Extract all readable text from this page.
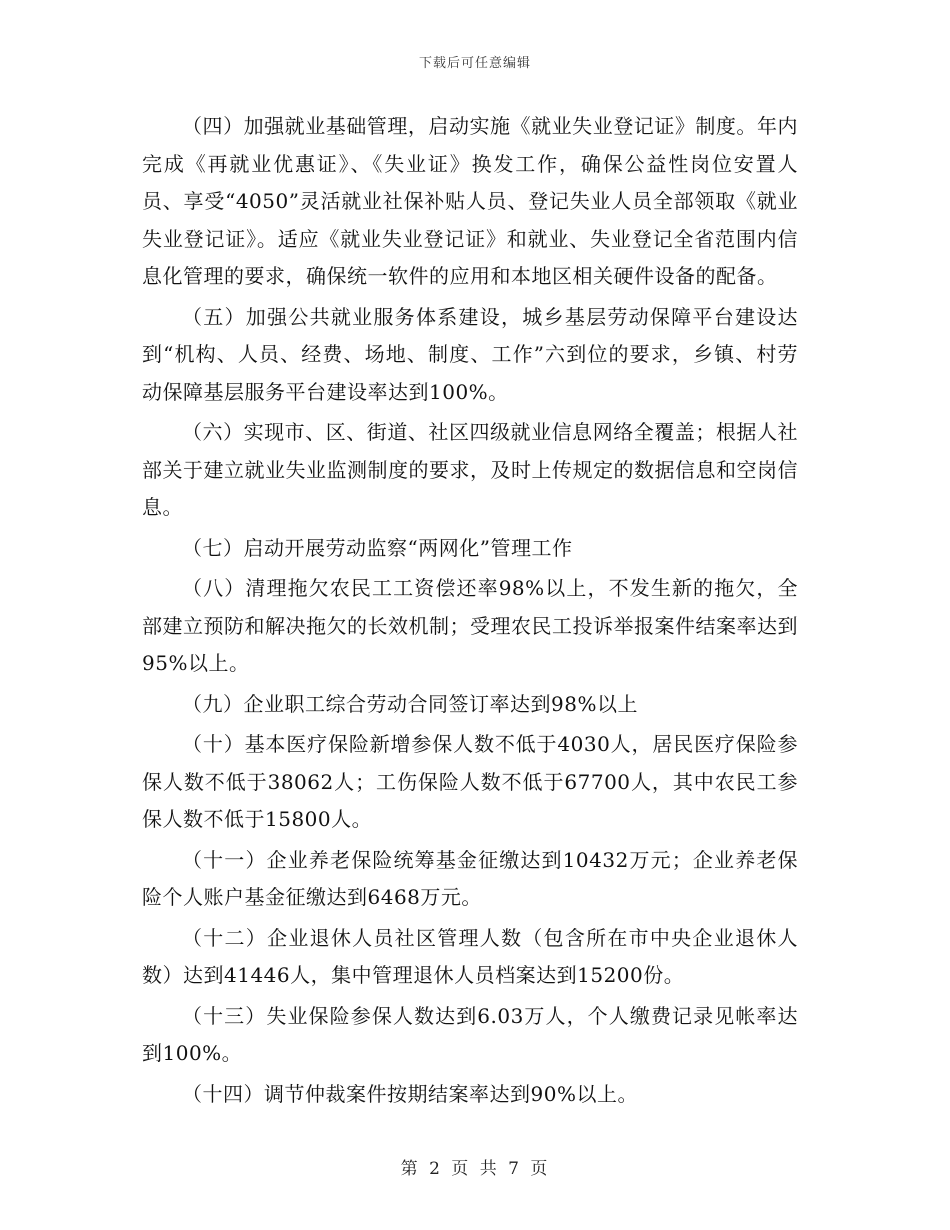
下载后可任意编辑

（四）加强就业基础管理，启动实施《就业失业登记证》制度。年内完成《再就业优惠证》、《失业证》换发工作，确保公益性岗位安置人员、享受“4050”灵活就业社保补贴人员、登记失业人员全部领取《就业失业登记证》。适应《就业失业登记证》和就业、失业登记全省范围内信息化管理的要求，确保统一软件的应用和本地区相关硬件设备的配备。

（五）加强公共就业服务体系建设，城乡基层劳动保障平台建设达到“机构、人员、经费、场地、制度、工作”六到位的要求，乡镇、村劳动保障基层服务平台建设率达到100%。

（六）实现市、区、街道、社区四级就业信息网络全覆盖；根据人社部关于建立就业失业监测制度的要求，及时上传规定的数据信息和空岗信息。

（七）启动开展劳动监察“两网化”管理工作

（八）清理拖欠农民工工资偿还率98%以上，不发生新的拖欠，全部建立预防和解决拖欠的长效机制；受理农民工投诉举报案件结案率达到95%以上。

（九）企业职工综合劳动合同签订率达到98%以上

（十）基本医疗保险新增参保人数不低于4030人，居民医疗保险参保人数不低于38062人；工伤保险人数不低于67700人，其中农民工参保人数不低于15800人。

（十一）企业养老保险统筹基金征缴达到10432万元；企业养老保险个人账户基金征缴达到6468万元。

（十二）企业退休人员社区管理人数（包含所在市中央企业退休人数）达到41446人，集中管理退休人员档案达到15200份。

（十三）失业保险参保人数达到6.03万人，个人缴费记录见帐率达到100%。

（十四）调节仲裁案件按期结案率达到90%以上。

第 2 页 共 7 页
